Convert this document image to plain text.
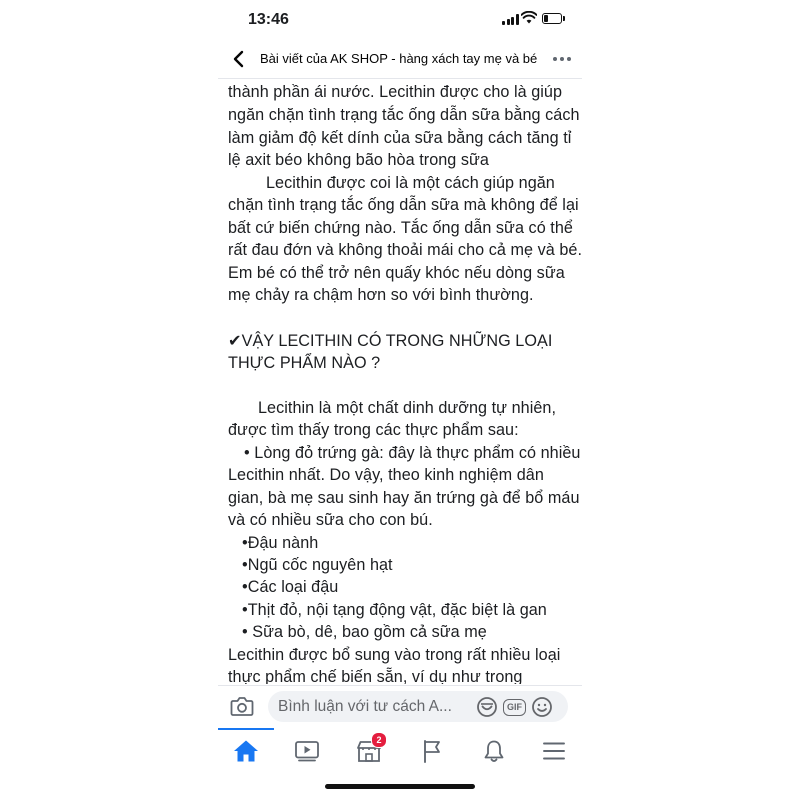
13:46
Bài viết của AK SHOP - hàng xách tay mẹ và bé
thành phần ái nước. Lecithin được cho là giúp
ngăn chặn tình trạng tắc ống dẫn sữa bằng cách
làm giảm độ kết dính của sữa bằng cách tăng tỉ
lệ axit béo không bão hòa trong sữa
Lecithin được coi là một cách giúp ngăn
chặn tình trạng tắc ống dẫn sữa mà không để lại
bất cứ biến chứng nào. Tắc ống dẫn sữa có thể
rất đau đớn và không thoải mái cho cả mẹ và bé.
Em bé có thể trở nên quấy khóc nếu dòng sữa
mẹ chảy ra chậm hơn so với bình thường.
✔VẬY LECITHIN CÓ TRONG NHỮNG LOẠI
THỰC PHẨM NÀO ?
Lecithin là một chất dinh dưỡng tự nhiên,
được tìm thấy trong các thực phẩm sau:
• Lòng đỏ trứng gà: đây là thực phẩm có nhiều
Lecithin nhất. Do vậy, theo kinh nghiệm dân
gian, bà mẹ sau sinh hay ăn trứng gà để bổ máu
và có nhiều sữa cho con bú.
•Đậu nành
•Ngũ cốc nguyên hạt
•Các loại đậu
•Thịt đỏ, nội tạng động vật, đặc biệt là gan
• Sữa bò, dê, bao gồm cả sữa mẹ
Lecithin được bổ sung vào trong rất nhiều loại
thực phẩm chế biến sẵn, ví dụ như trong
Bình luận với tư cách A...
GIF
2
